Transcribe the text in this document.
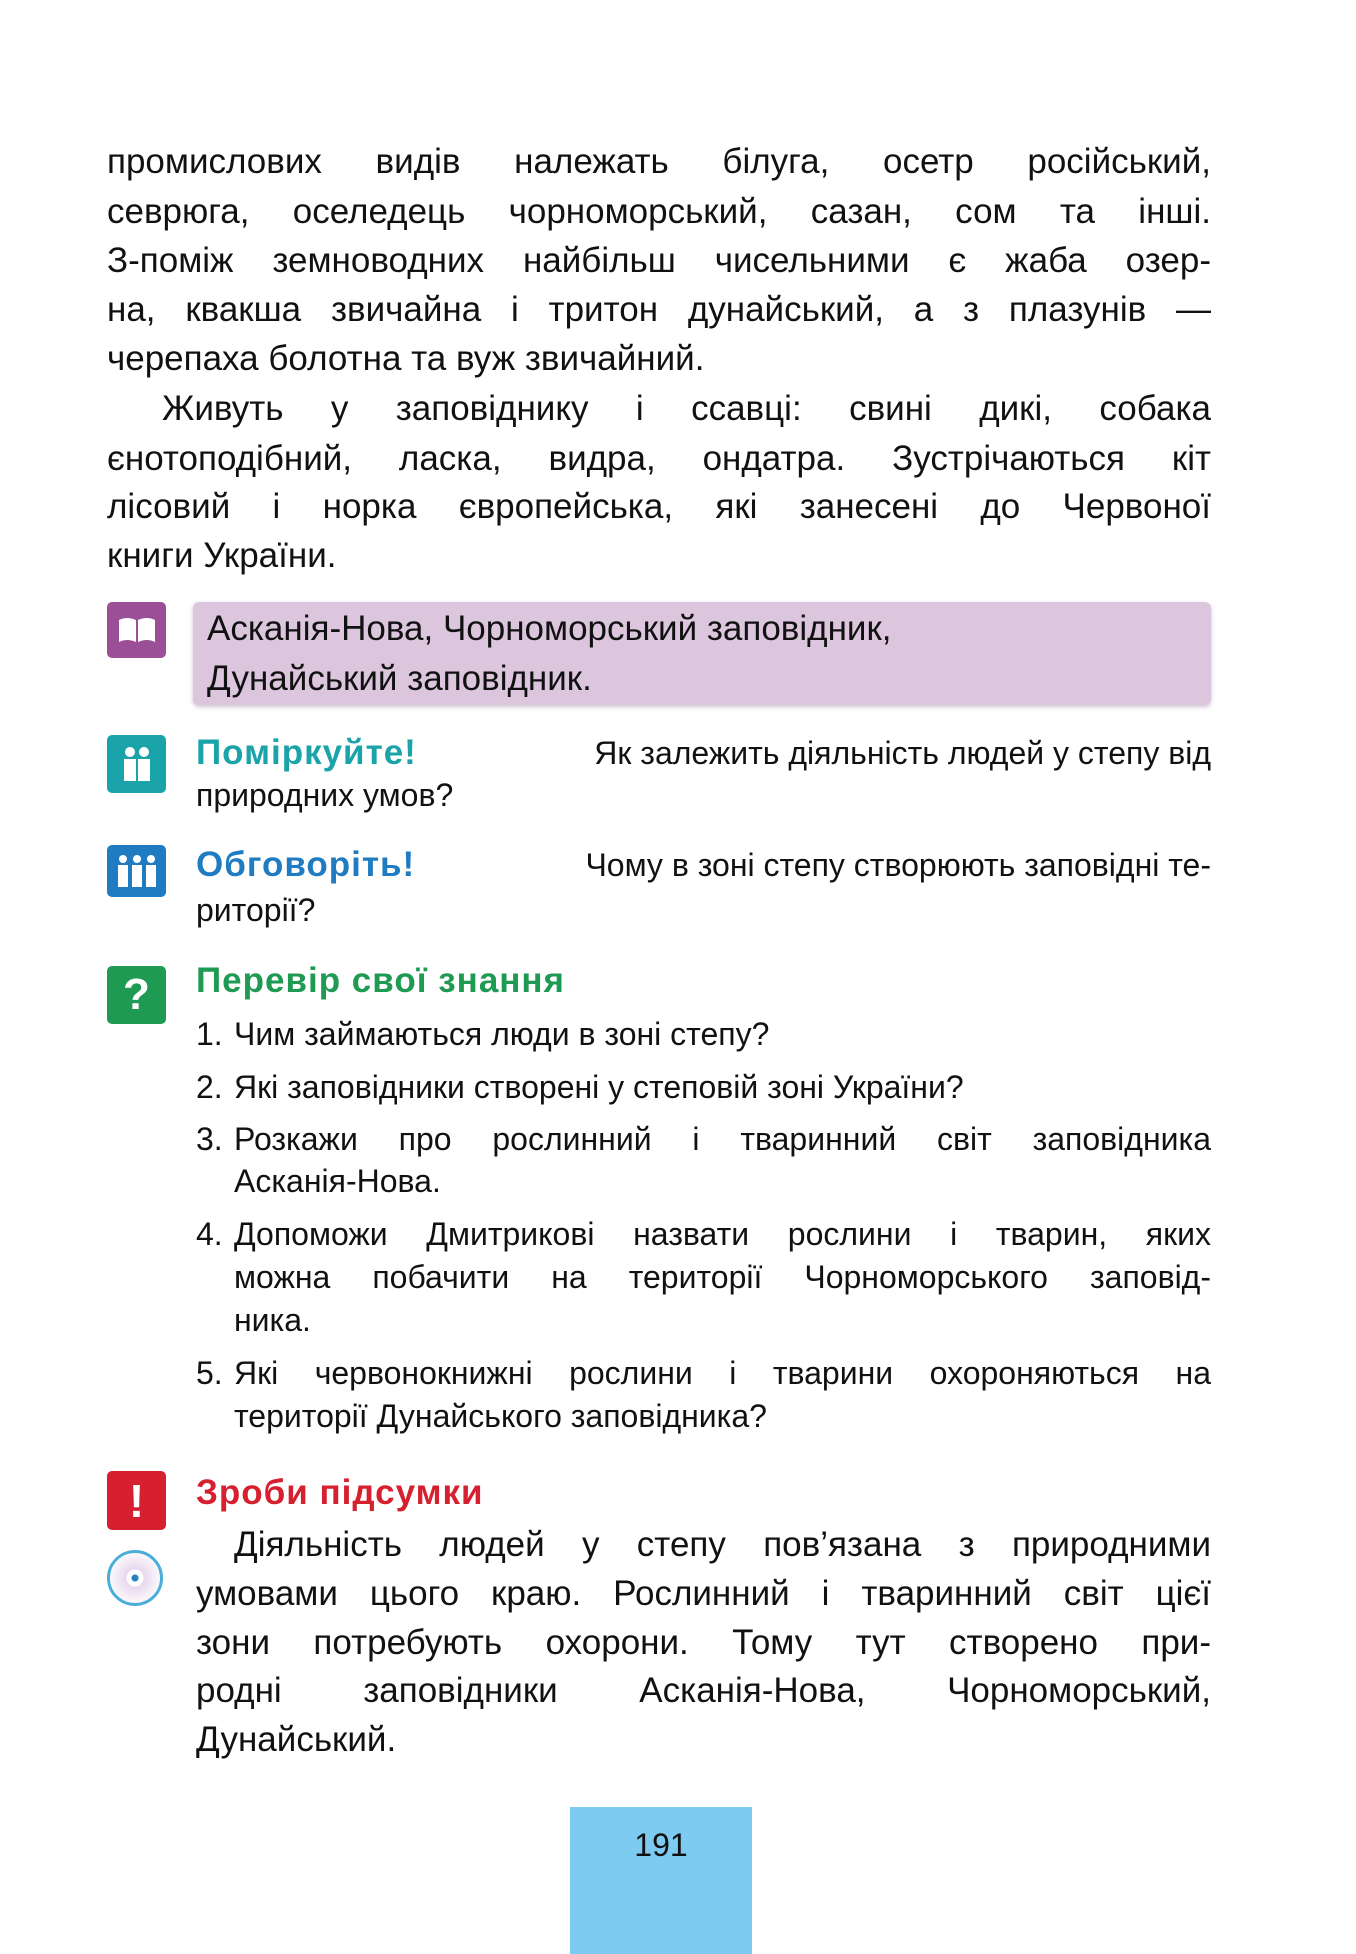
промислових видів належать білуга, осетр російський,
севрюга, оселедець чорноморський, сазан, сом та інші.
З-поміж земноводних найбільш чисельними є жаба озер-
на, квакша звичайна і тритон дунайський, а з плазунів —
черепаха болотна та вуж звичайний.
Живуть у заповіднику і ссавці: свині дикі, собака
єнотоподібний, ласка, видра, ондатра. Зустрічаються кіт
лісовий і норка європейська, які занесені до Червоної
книги України.
Асканія-Нова, Чорноморський заповідник,
Дунайський заповідник.
Поміркуйте!	Як залежить діяльність людей у степу від
природних умов?
Обговоріть!	Чому в зоні степу створюють заповідні те-
риторії?
?	Перевір свої знання
1. Чим займаються люди в зоні степу?
2. Які заповідники створені у степовій зоні України?
3. Розкажи про рослинний і тваринний світ заповідника
Асканія-Нова.
4. Допоможи Дмитрикові назвати рослини і тварин, яких
можна побачити на території Чорноморського заповід-
ника.
5. Які червонокнижні рослини і тварини охороняються на
території Дунайського заповідника?
!	Зроби підсумки
Діяльність людей у степу пов’язана з природними
умовами цього краю. Рослинний і тваринний світ цієї
зони потребують охорони. Тому тут створено при-
родні заповідники Асканія-Нова, Чорноморський,
Дунайський.
191
